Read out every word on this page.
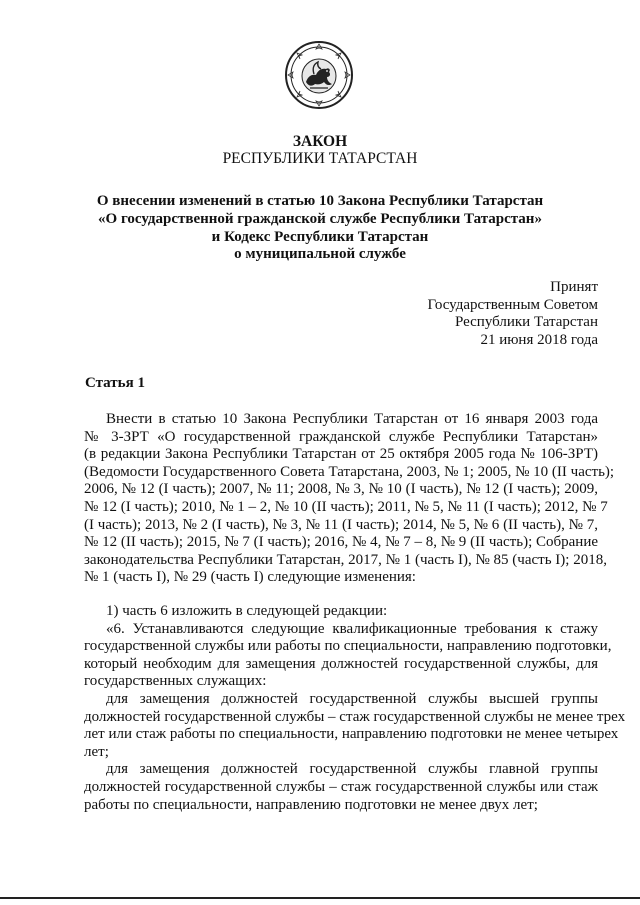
ЗАКОН
РЕСПУБЛИКИ ТАТАРСТАН
О внесении изменений в статью 10 Закона Республики Татарстан
«О государственной гражданской службе Республики Татарстан»
и Кодекс Республики Татарстан
о муниципальной службе
Принят
Государственным Советом
Республики Татарстан
21 июня 2018 года
Статья 1
Внести в статью 10 Закона Республики Татарстан от 16 января 2003 года
№ 3-ЗРТ «О государственной гражданской службе Республики Татарстан»
(в редакции Закона Республики Татарстан от 25 октября 2005 года № 106-ЗРТ)
(Ведомости Государственного Совета Татарстана, 2003, № 1; 2005, № 10 (II часть);
2006, № 12 (I часть); 2007, № 11; 2008, № 3, № 10 (I часть), № 12 (I часть); 2009,
№ 12 (I часть); 2010, № 1 – 2, № 10 (II часть); 2011, № 5, № 11 (I часть); 2012, № 7
(I часть); 2013, № 2 (I часть), № 3, № 11 (I часть); 2014, № 5, № 6 (II часть), № 7,
№ 12 (II часть); 2015, № 7 (I часть); 2016, № 4, № 7 – 8, № 9 (II часть); Собрание
законодательства Республики Татарстан, 2017, № 1 (часть I), № 85 (часть I); 2018,
№ 1 (часть I), № 29 (часть I) следующие изменения:
1) часть 6 изложить в следующей редакции:
«6. Устанавливаются следующие квалификационные требования к стажу
государственной службы или работы по специальности, направлению подготовки,
который необходим для замещения должностей государственной службы, для
государственных служащих:
для замещения должностей государственной службы высшей группы
должностей государственной службы – стаж государственной службы не менее трех
лет или стаж работы по специальности, направлению подготовки не менее четырех
лет;
для замещения должностей государственной службы главной группы
должностей государственной службы – стаж государственной службы или стаж
работы по специальности, направлению подготовки не менее двух лет;
